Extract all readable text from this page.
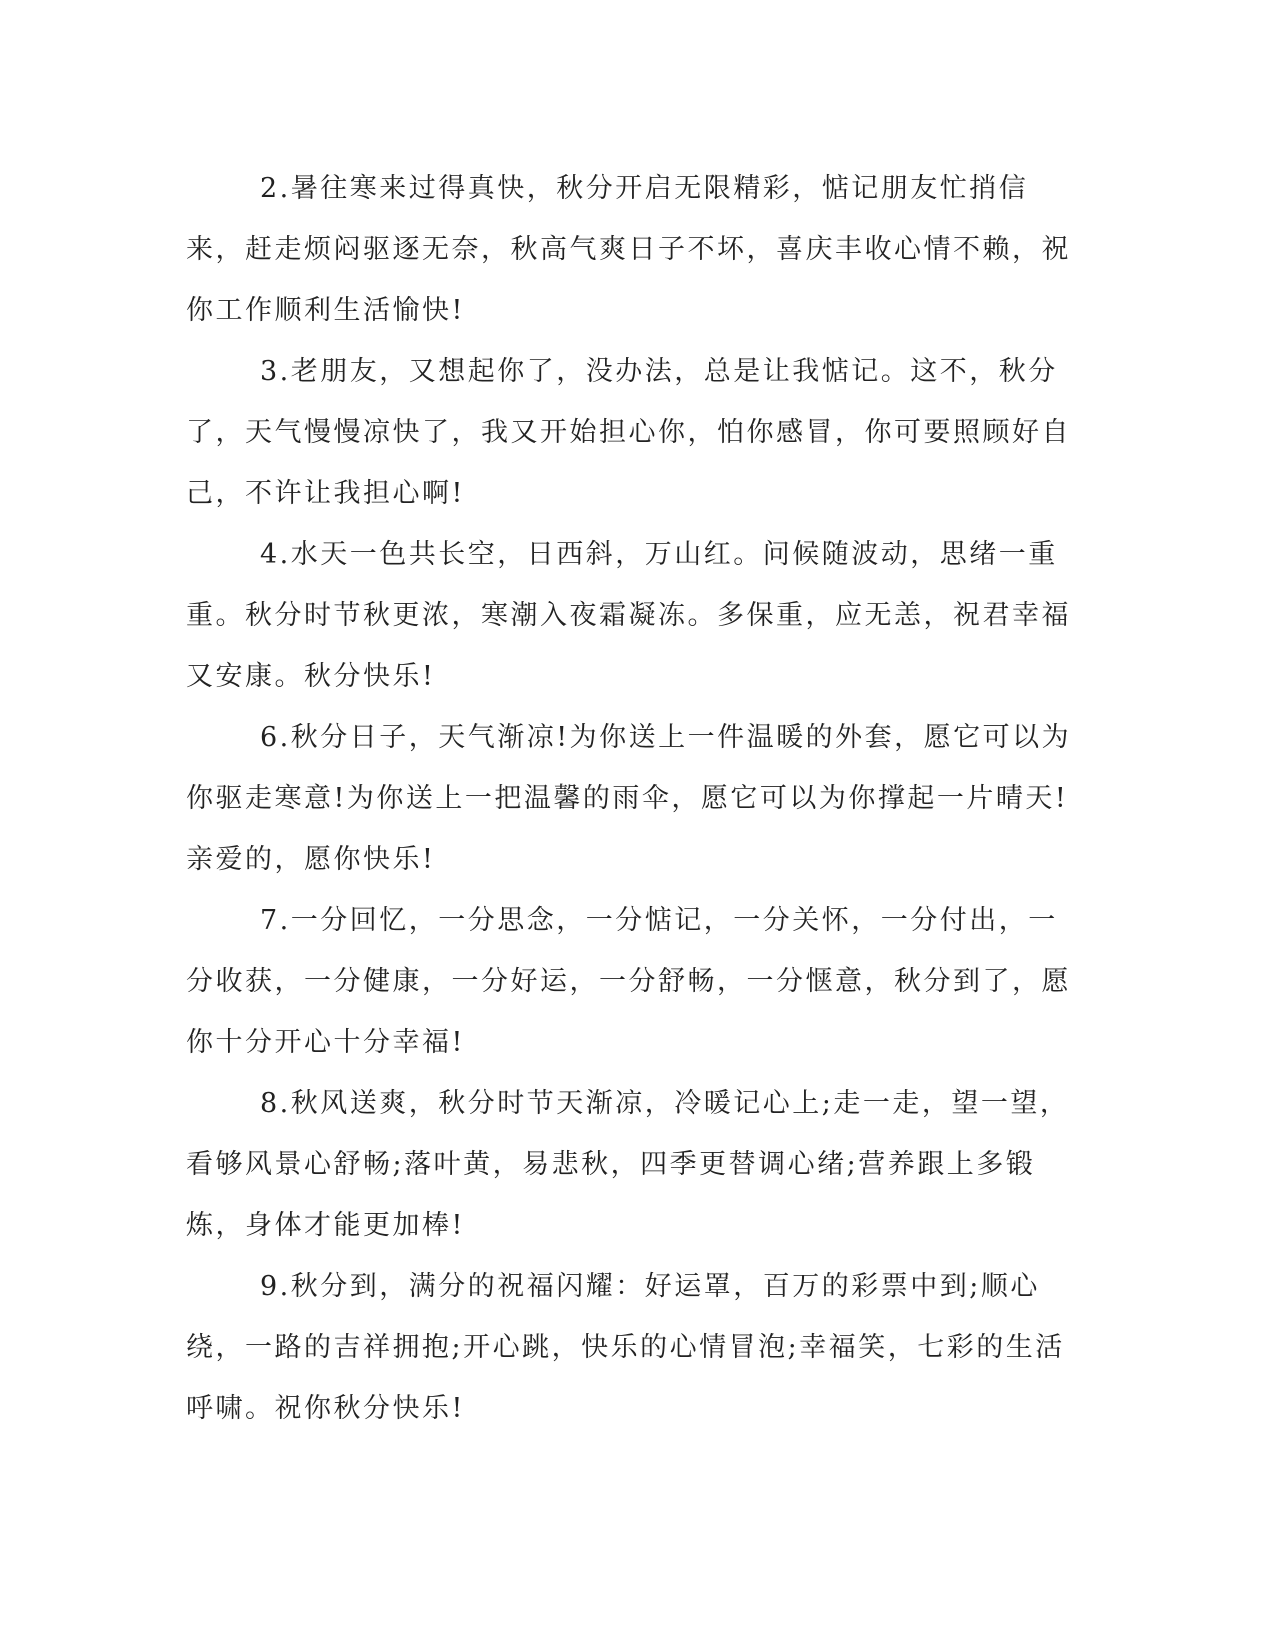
2.暑往寒来过得真快，秋分开启无限精彩，惦记朋友忙捎信来，赶走烦闷驱逐无奈，秋高气爽日子不坏，喜庆丰收心情不赖，祝你工作顺利生活愉快!

3.老朋友，又想起你了，没办法，总是让我惦记。这不，秋分了，天气慢慢凉快了，我又开始担心你，怕你感冒，你可要照顾好自己，不许让我担心啊!

4.水天一色共长空，日西斜，万山红。问候随波动，思绪一重重。秋分时节秋更浓，寒潮入夜霜凝冻。多保重，应无恙，祝君幸福又安康。秋分快乐!

6.秋分日子，天气渐凉!为你送上一件温暖的外套，愿它可以为你驱走寒意!为你送上一把温馨的雨伞，愿它可以为你撑起一片晴天!亲爱的，愿你快乐!

7.一分回忆，一分思念，一分惦记，一分关怀，一分付出，一分收获，一分健康，一分好运，一分舒畅，一分惬意，秋分到了，愿你十分开心十分幸福!

8.秋风送爽，秋分时节天渐凉，冷暖记心上;走一走，望一望，看够风景心舒畅;落叶黄，易悲秋，四季更替调心绪;营养跟上多锻炼，身体才能更加棒!

9.秋分到，满分的祝福闪耀：好运罩，百万的彩票中到;顺心绕，一路的吉祥拥抱;开心跳，快乐的心情冒泡;幸福笑，七彩的生活呼啸。祝你秋分快乐!
